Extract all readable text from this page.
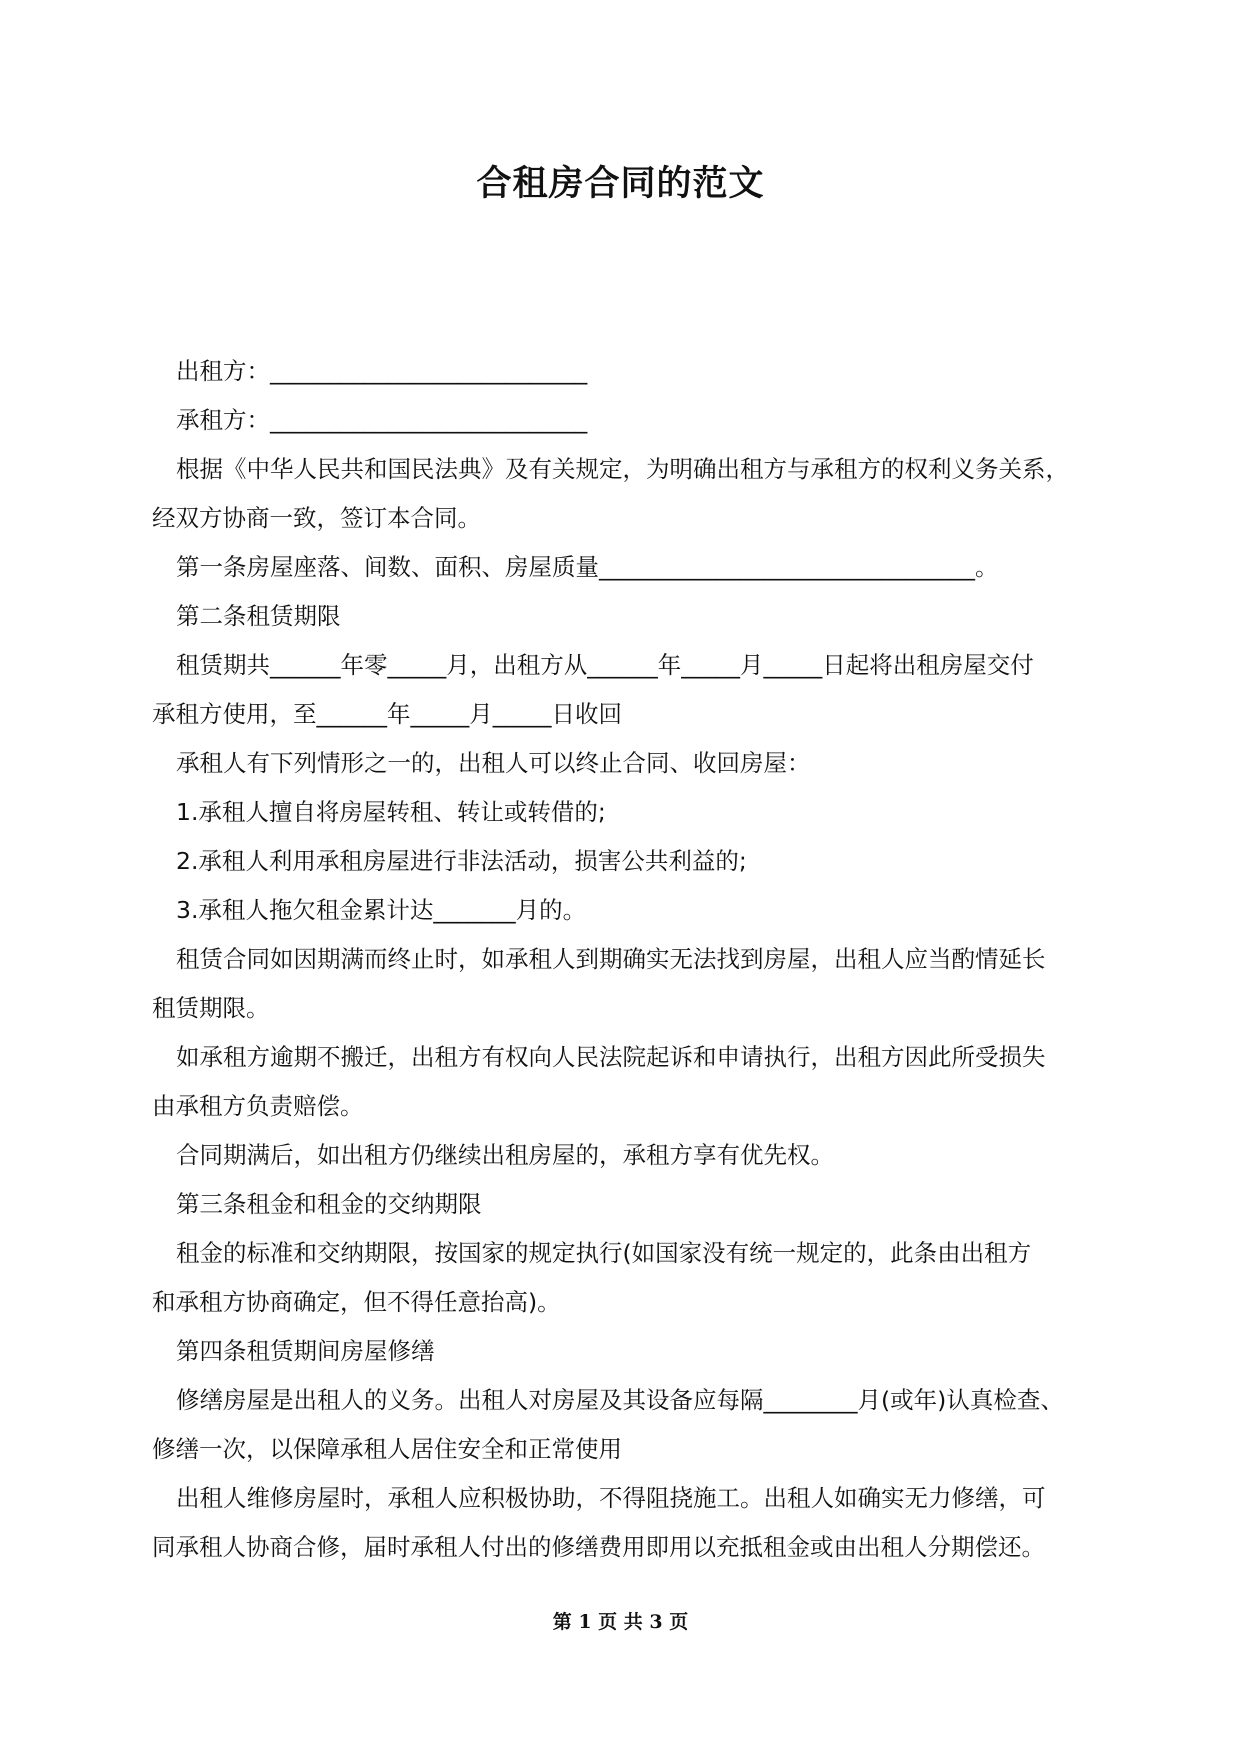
合租房合同的范文

出租方：___________________________

承租方：___________________________

根据《中华人民共和国民法典》及有关规定，为明确出租方与承租方的权利义务关系，

经双方协商一致，签订本合同。

第一条房屋座落、间数、面积、房屋质量________________________________。

第二条租赁期限

租赁期共______年零_____月，出租方从______年_____月_____日起将出租房屋交付

承租方使用，至______年_____月_____日收回

承租人有下列情形之一的，出租人可以终止合同、收回房屋：

1.承租人擅自将房屋转租、转让或转借的;

2.承租人利用承租房屋进行非法活动，损害公共利益的;

3.承租人拖欠租金累计达_______月的。

租赁合同如因期满而终止时，如承租人到期确实无法找到房屋，出租人应当酌情延长

租赁期限。

如承租方逾期不搬迁，出租方有权向人民法院起诉和申请执行，出租方因此所受损失

由承租方负责赔偿。

合同期满后，如出租方仍继续出租房屋的，承租方享有优先权。

第三条租金和租金的交纳期限

租金的标准和交纳期限，按国家的规定执行(如国家没有统一规定的，此条由出租方

和承租方协商确定，但不得任意抬高)。

第四条租赁期间房屋修缮

修缮房屋是出租人的义务。出租人对房屋及其设备应每隔________月(或年)认真检查、

修缮一次，以保障承租人居住安全和正常使用

出租人维修房屋时，承租人应积极协助，不得阻挠施工。出租人如确实无力修缮，可

同承租人协商合修，届时承租人付出的修缮费用即用以充抵租金或由出租人分期偿还。

第 1 页 共 3 页
